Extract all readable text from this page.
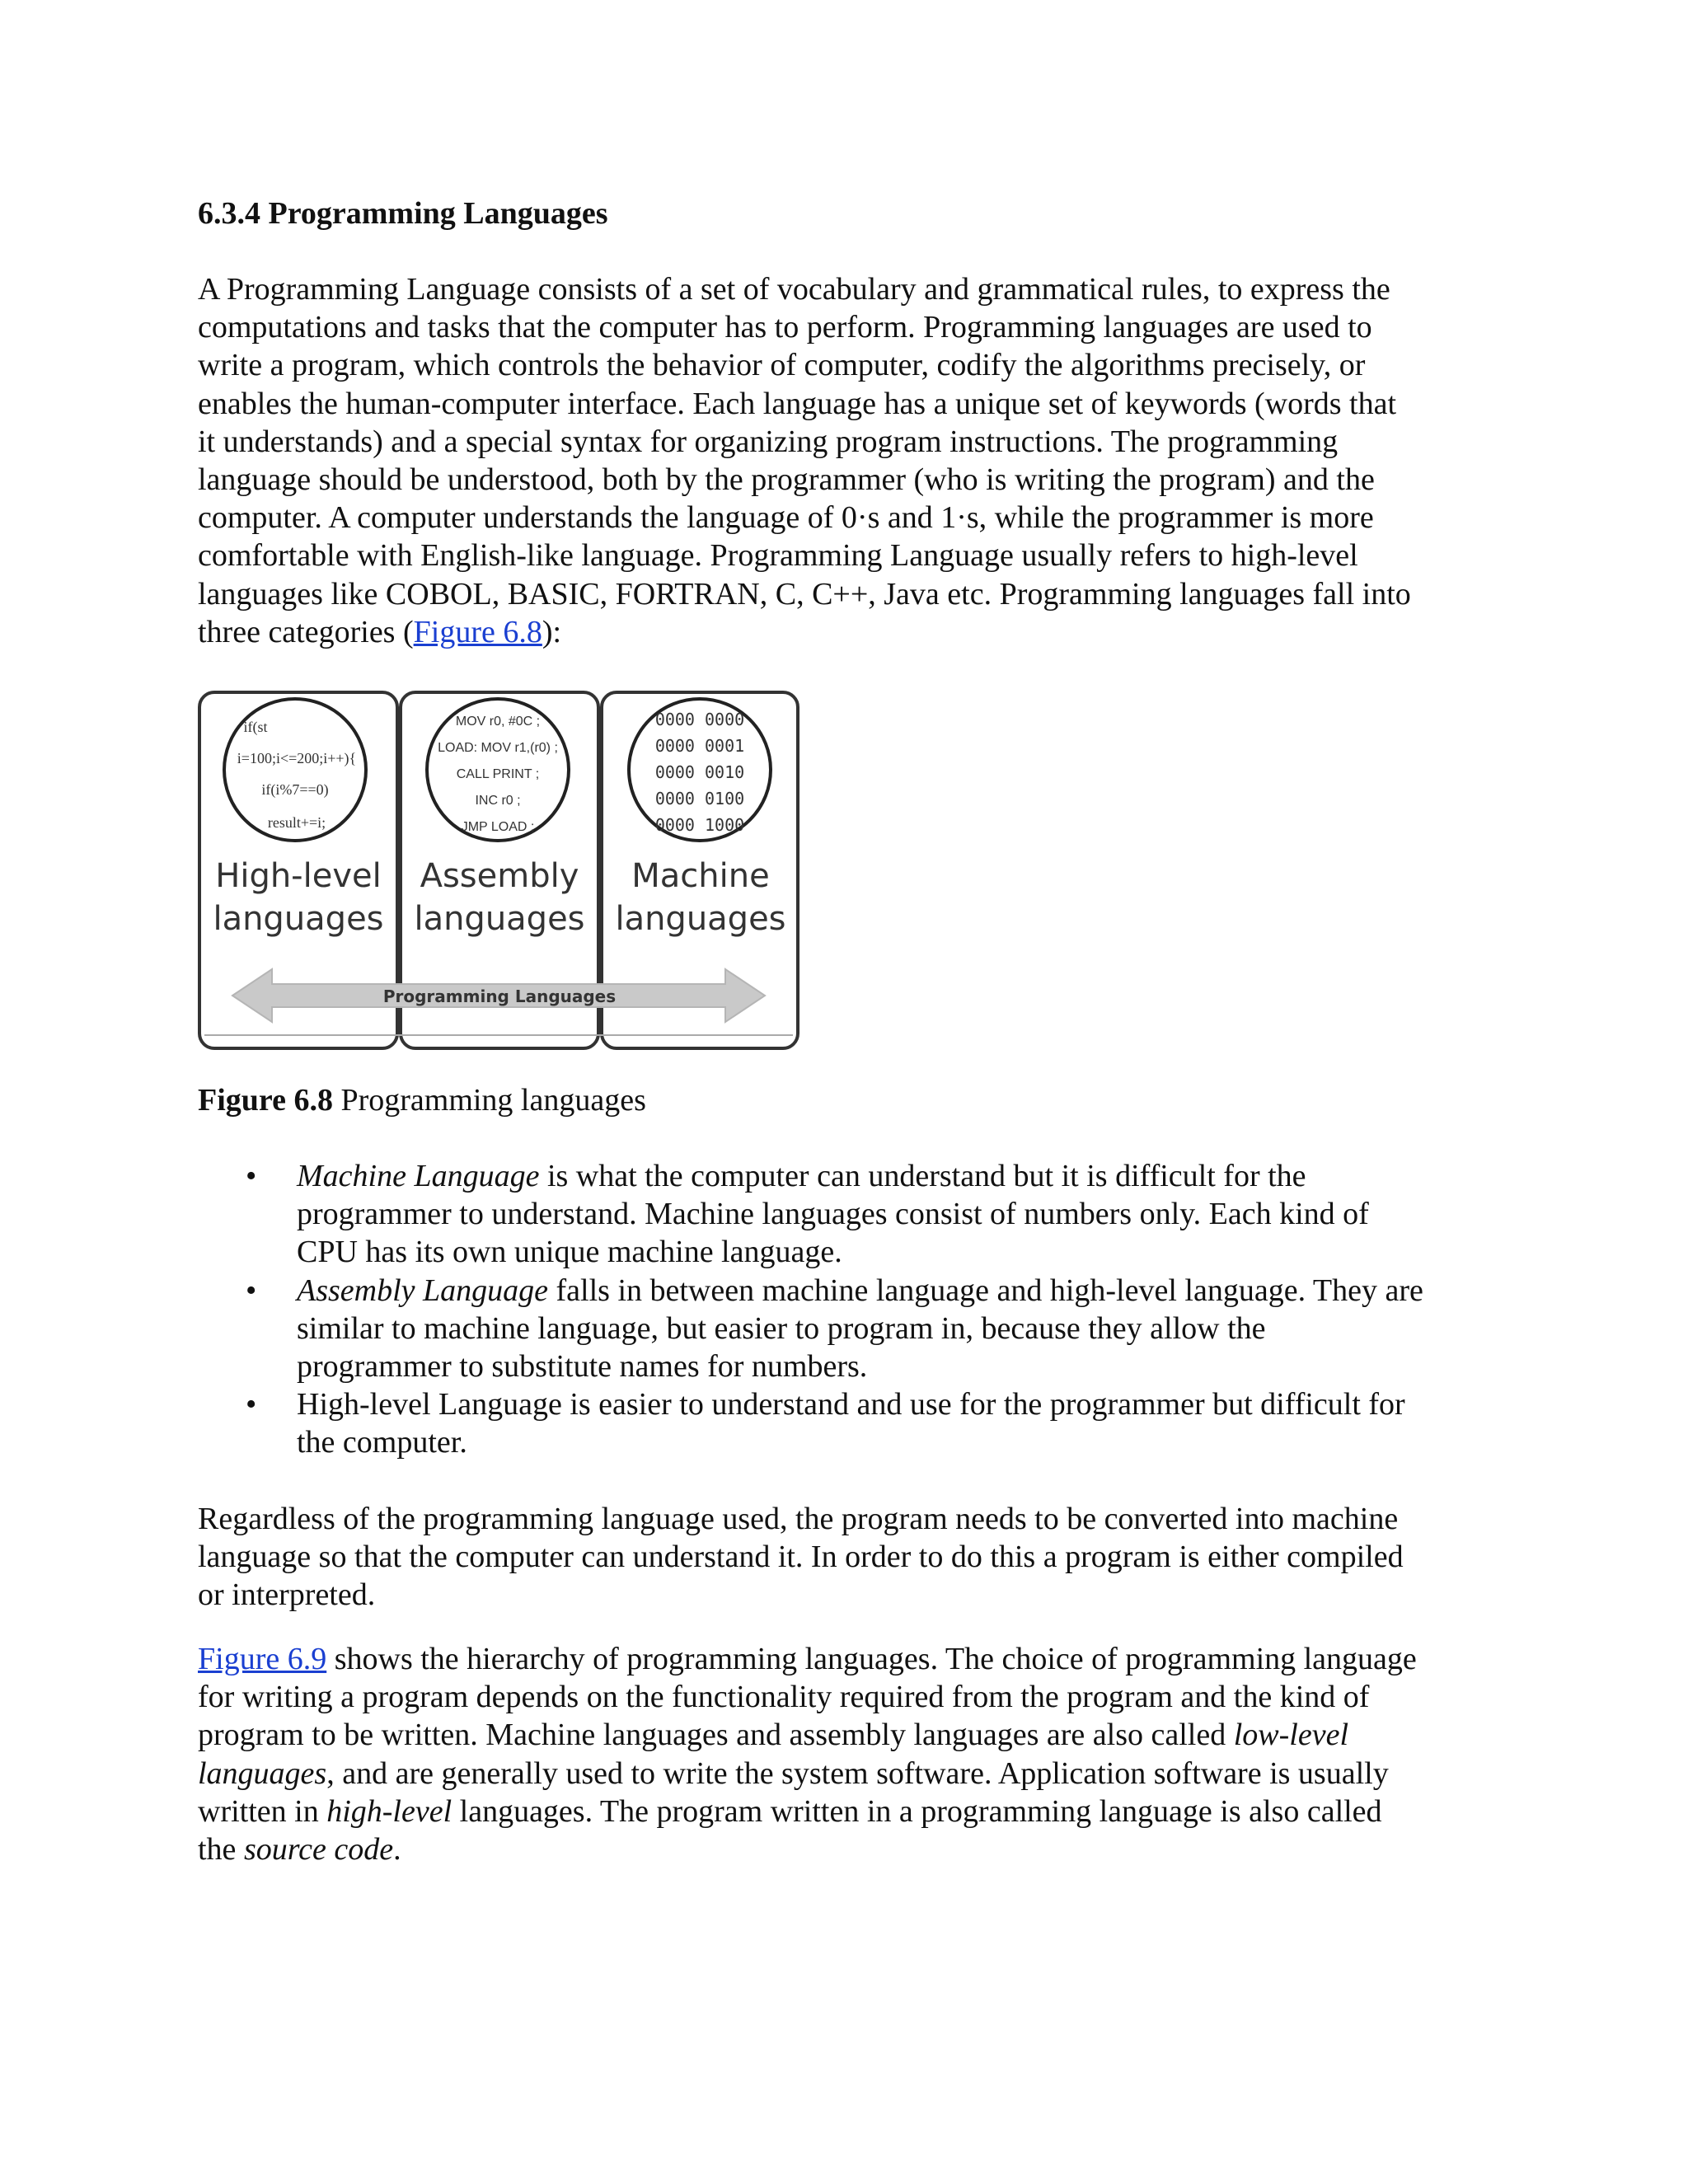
6.3.4 Programming Languages

A Programming Language consists of a set of vocabulary and grammatical rules, to express the
computations and tasks that the computer has to perform. Programming languages are used to
write a program, which controls the behavior of computer, codify the algorithms precisely, or
enables the human-computer interface. Each language has a unique set of keywords (words that
it understands) and a special syntax for organizing program instructions. The programming
language should be understood, both by the programmer (who is writing the program) and the
computer. A computer understands the language of 0·s and 1·s, while the programmer is more
comfortable with English-like language. Programming Language usually refers to high-level
languages like COBOL, BASIC, FORTRAN, C, C++, Java etc. Programming languages fall into
three categories (Figure 6.8):

if(st
i=100;i<=200;i++){
if(i%7==0)
result+=i;
MOV r0, #0C ;
LOAD: MOV r1,(r0) ;
CALL PRINT ;
INC r0 ;
JMP LOAD ;
0000 0000
0000 0001
0000 0010
0000 0100
0000 1000
High-level
languages
Assembly
languages
Machine
languages
Programming Languages
Figure 6.8 Programming languages
• Machine Language is what the computer can understand but it is difficult for the
programmer to understand. Machine languages consist of numbers only. Each kind of
CPU has its own unique machine language.
• Assembly Language falls in between machine language and high-level language. They are
similar to machine language, but easier to program in, because they allow the
programmer to substitute names for numbers.
• High-level Language is easier to understand and use for the programmer but difficult for
the computer.

Regardless of the programming language used, the program needs to be converted into machine
language so that the computer can understand it. In order to do this a program is either compiled
or interpreted.

Figure 6.9 shows the hierarchy of programming languages. The choice of programming language
for writing a program depends on the functionality required from the program and the kind of
program to be written. Machine languages and assembly languages are also called low-level
languages, and are generally used to write the system software. Application software is usually
written in high-level languages. The program written in a programming language is also called
the source code.
